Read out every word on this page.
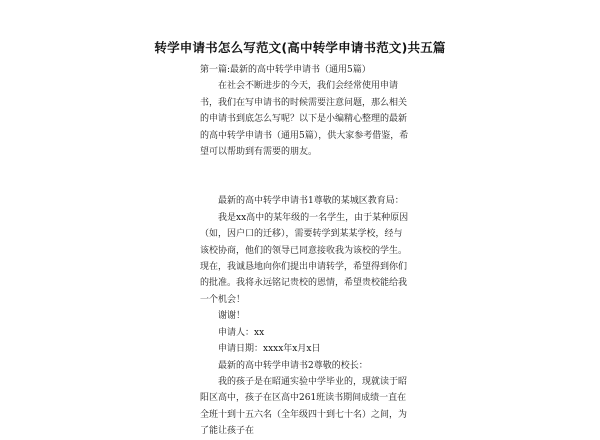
转学申请书怎么写范文(高中转学申请书范文)共五篇

第一篇:最新的高中转学申请书（通用5篇）

在社会不断进步的今天，我们会经常使用申请书，我们在写申请书的时候需要注意问题，那么相关的申请书到底怎么写呢？以下是小编精心整理的最新的高中转学申请书（通用5篇），供大家参考借鉴，希望可以帮助到有需要的朋友。

最新的高中转学申请书1尊敬的某城区教育局：

我是xx高中的某年级的一名学生，由于某种原因（如，因户口的迁移），需要转学到某某学校，经与该校协商，他们的领导已同意接收我为该校的学生。现在，我诚恳地向你们提出申请转学，希望得到你们的批准。我将永远铭记贵校的恩情，希望贵校能给我一个机会！

谢谢！

申请人：xx

申请日期：xxxx年x月x日

最新的高中转学申请书2尊敬的校长：

我的孩子是在昭通实验中学毕业的，现就读于昭阳区高中，孩子在区高中261班读书期间成绩一直在全班十到十五六名（全年级四十到七十名）之间，为了能让孩子在
